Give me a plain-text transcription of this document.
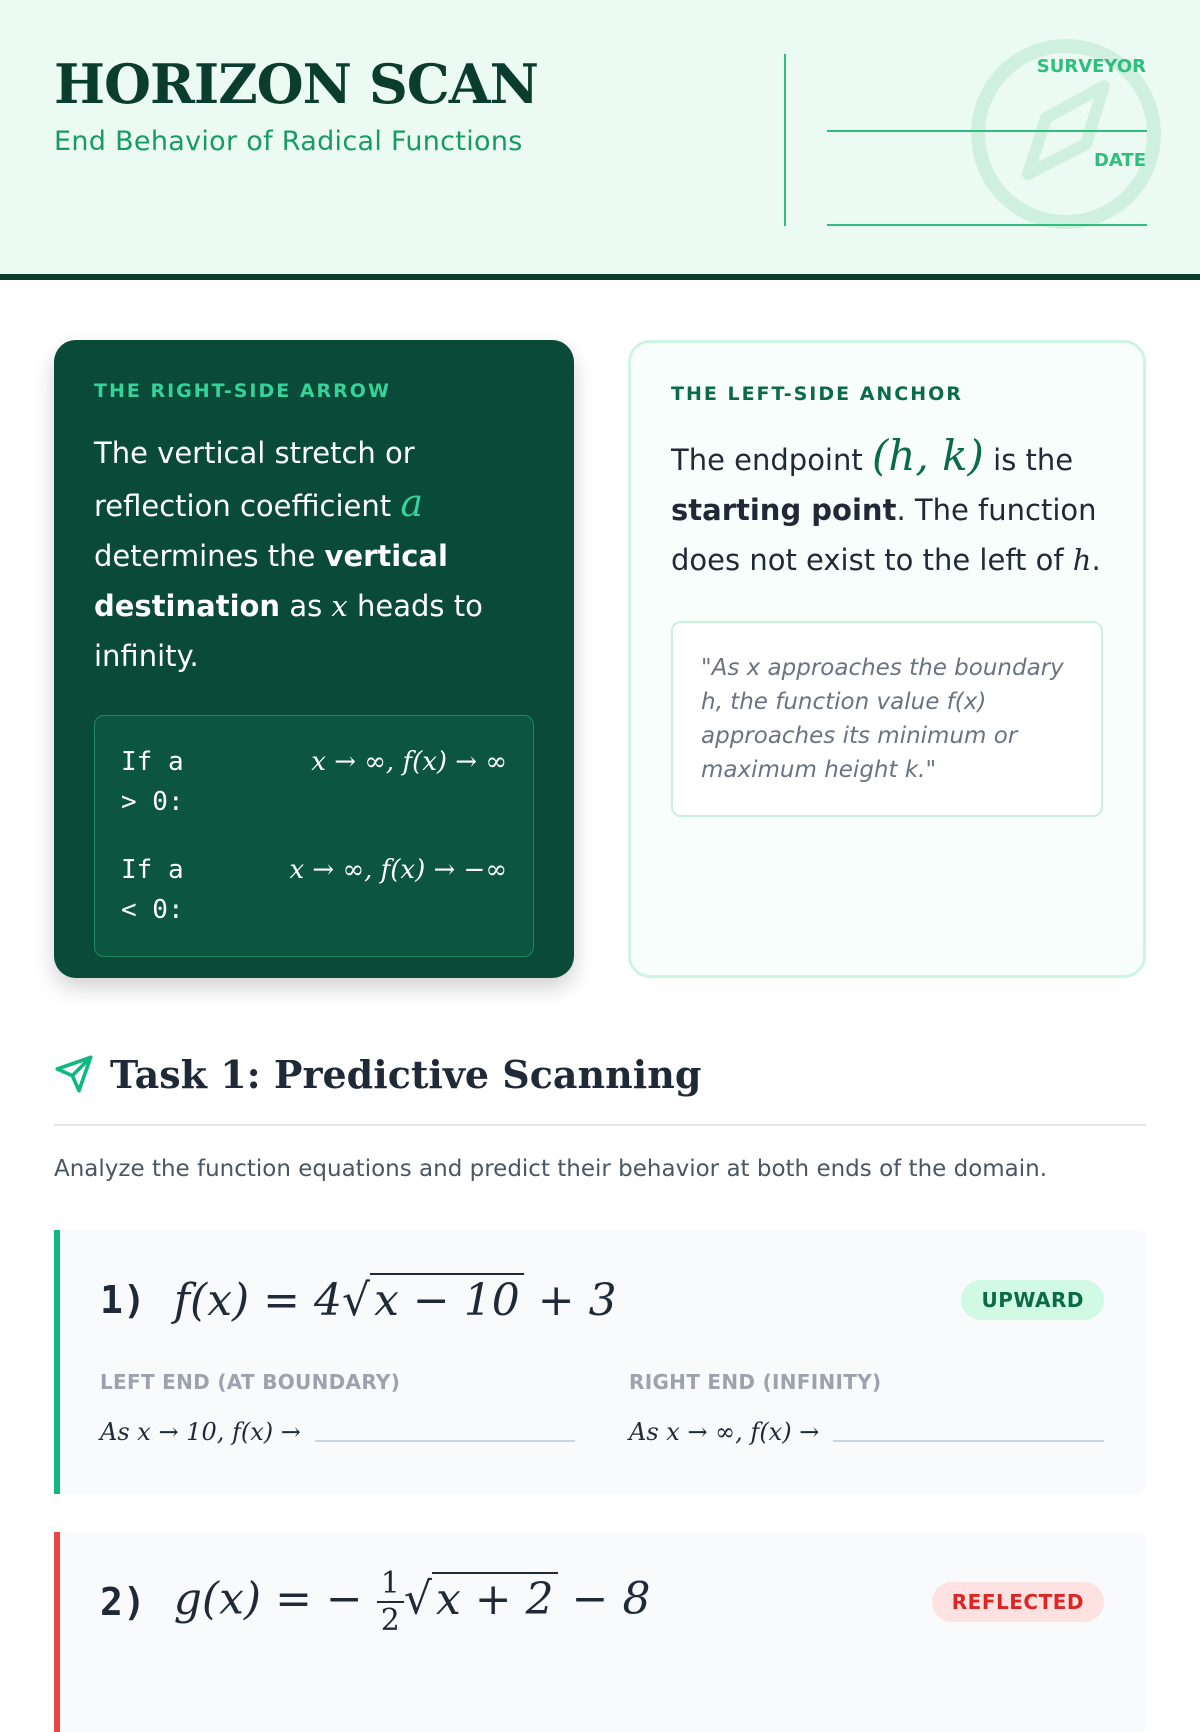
HORIZON SCAN

End Behavior of Radical Functions

SURVEYOR
DATE
THE RIGHT-SIDE ARROW

The vertical stretch or reflection coefficient a determines the vertical destination as x heads to infinity.

If a > 0:
x → ∞, f(x) → ∞
If a < 0:
x → ∞, f(x) → −∞
THE LEFT-SIDE ANCHOR

The endpoint (h, k) is the starting point. The function does not exist to the left of h.

"As x approaches the boundary h, the function value f(x) approaches its minimum or maximum height k."
Task 1: Predictive Scanning

Analyze the function equations and predict their behavior at both ends of the domain.

1) f(x) = 4√x − 10 + 3	UPWARD
LEFT END (AT BOUNDARY)
As x → 10, f(x) →
RIGHT END (INFINITY)
As x → ∞, f(x) →
2) g(x) = − $\frac{1}{2} √x + 2 - 8$	REFLECTED
